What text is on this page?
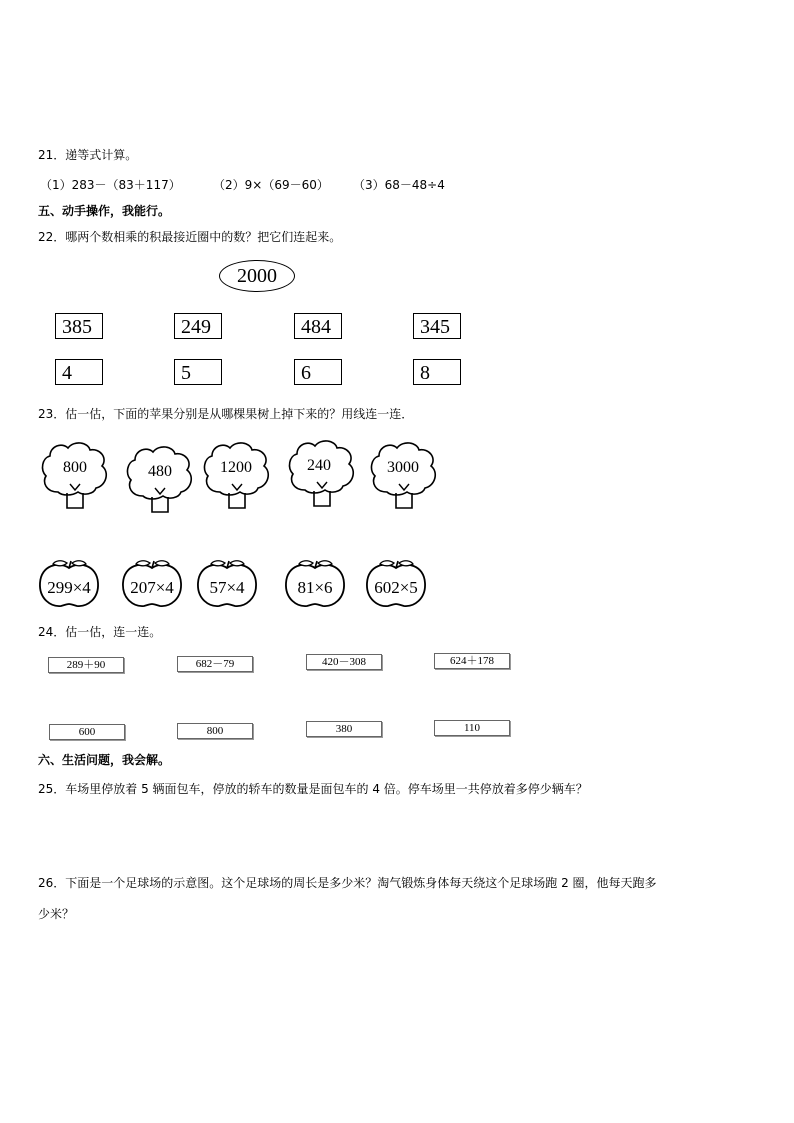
21．递等式计算。
（1）283－（83＋117）	（2）9×（69－60） （3）68－48÷4
五、动手操作，我能行。
22．哪两个数相乘的积最接近圈中的数？把它们连起来。
2000
385	249	484	345
4	5	6	8
23．估一估，下面的苹果分别是从哪棵果树上掉下来的？用线连一连．
800	480	1200	240	3000
299×4 207×4 57×4	81×6 602×5
24．估一估，连一连。
289＋90	682－79	420－308	624＋178
600	800	380	110
六、生活问题，我会解。
25．车场里停放着 5 辆面包车，停放的轿车的数量是面包车的 4 倍。停车场里一共停放着多停少辆车？
26．下面是一个足球场的示意图。这个足球场的周长是多少米？淘气锻炼身体每天绕这个足球场跑 2 圈，他每天跑多
少米？
